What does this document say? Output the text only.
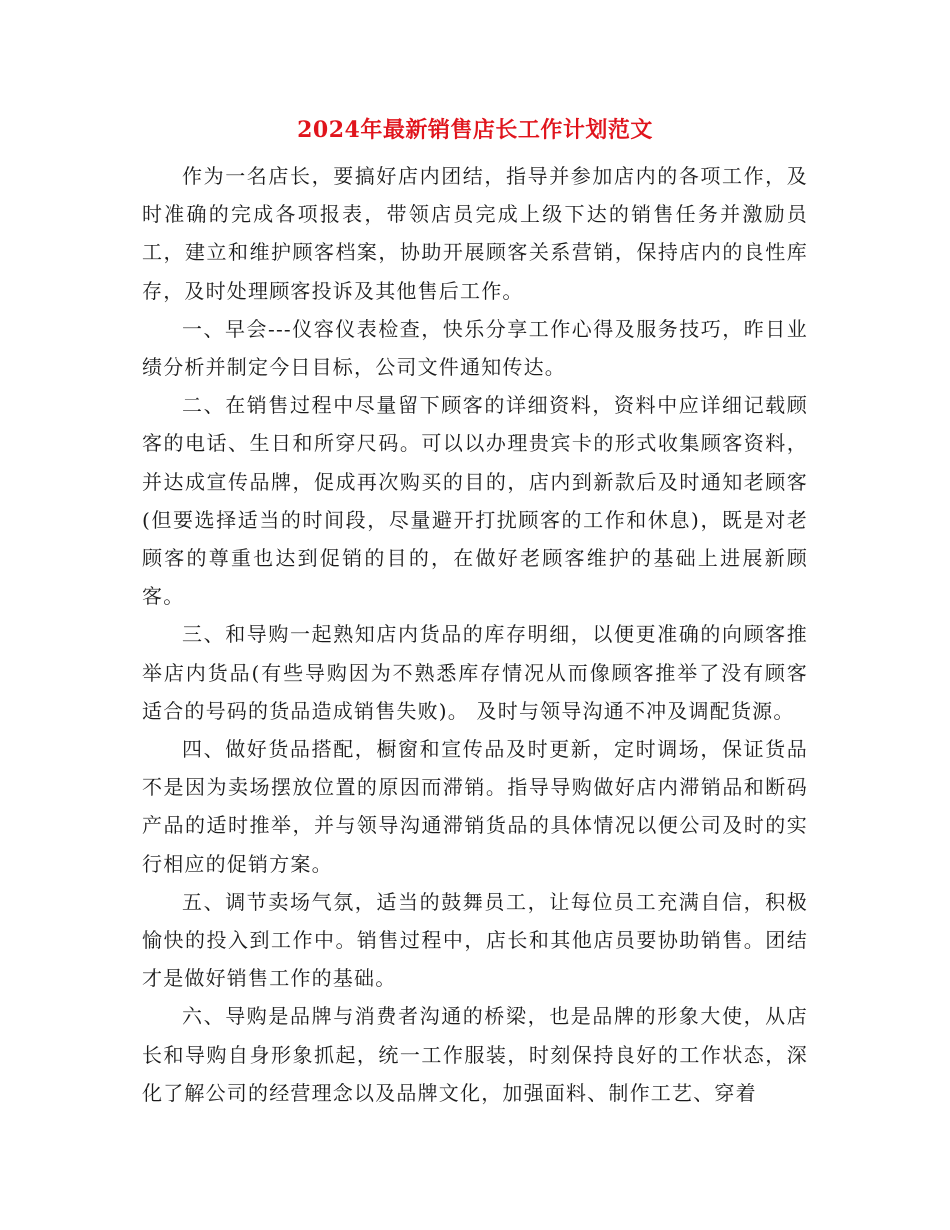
2024年最新销售店长工作计划范文

作为一名店长，要搞好店内团结，指导并参加店内的各项工作，及时准确的完成各项报表，带领店员完成上级下达的销售任务并激励员工，建立和维护顾客档案，协助开展顾客关系营销，保持店内的良性库存，及时处理顾客投诉及其他售后工作。

一、早会---仪容仪表检查，快乐分享工作心得及服务技巧，昨日业绩分析并制定今日目标，公司文件通知传达。

二、在销售过程中尽量留下顾客的详细资料，资料中应详细记载顾客的电话、生日和所穿尺码。可以以办理贵宾卡的形式收集顾客资料，并达成宣传品牌，促成再次购买的目的，店内到新款后及时通知老顾客(但要选择适当的时间段，尽量避开打扰顾客的工作和休息)，既是对老顾客的尊重也达到促销的目的，在做好老顾客维护的基础上进展新顾客。

三、和导购一起熟知店内货品的库存明细，以便更准确的向顾客推举店内货品(有些导购因为不熟悉库存情况从而像顾客推举了没有顾客适合的号码的货品造成销售失败)。 及时与领导沟通不冲及调配货源。

四、做好货品搭配，橱窗和宣传品及时更新，定时调场，保证货品不是因为卖场摆放位置的原因而滞销。指导导购做好店内滞销品和断码产品的适时推举，并与领导沟通滞销货品的具体情况以便公司及时的实行相应的促销方案。

五、调节卖场气氛，适当的鼓舞员工，让每位员工充满自信，积极愉快的投入到工作中。销售过程中，店长和其他店员要协助销售。团结才是做好销售工作的基础。

六、导购是品牌与消费者沟通的桥梁，也是品牌的形象大使，从店长和导购自身形象抓起，统一工作服装，时刻保持良好的工作状态，深化了解公司的经营理念以及品牌文化，加强面料、制作工艺、穿着
